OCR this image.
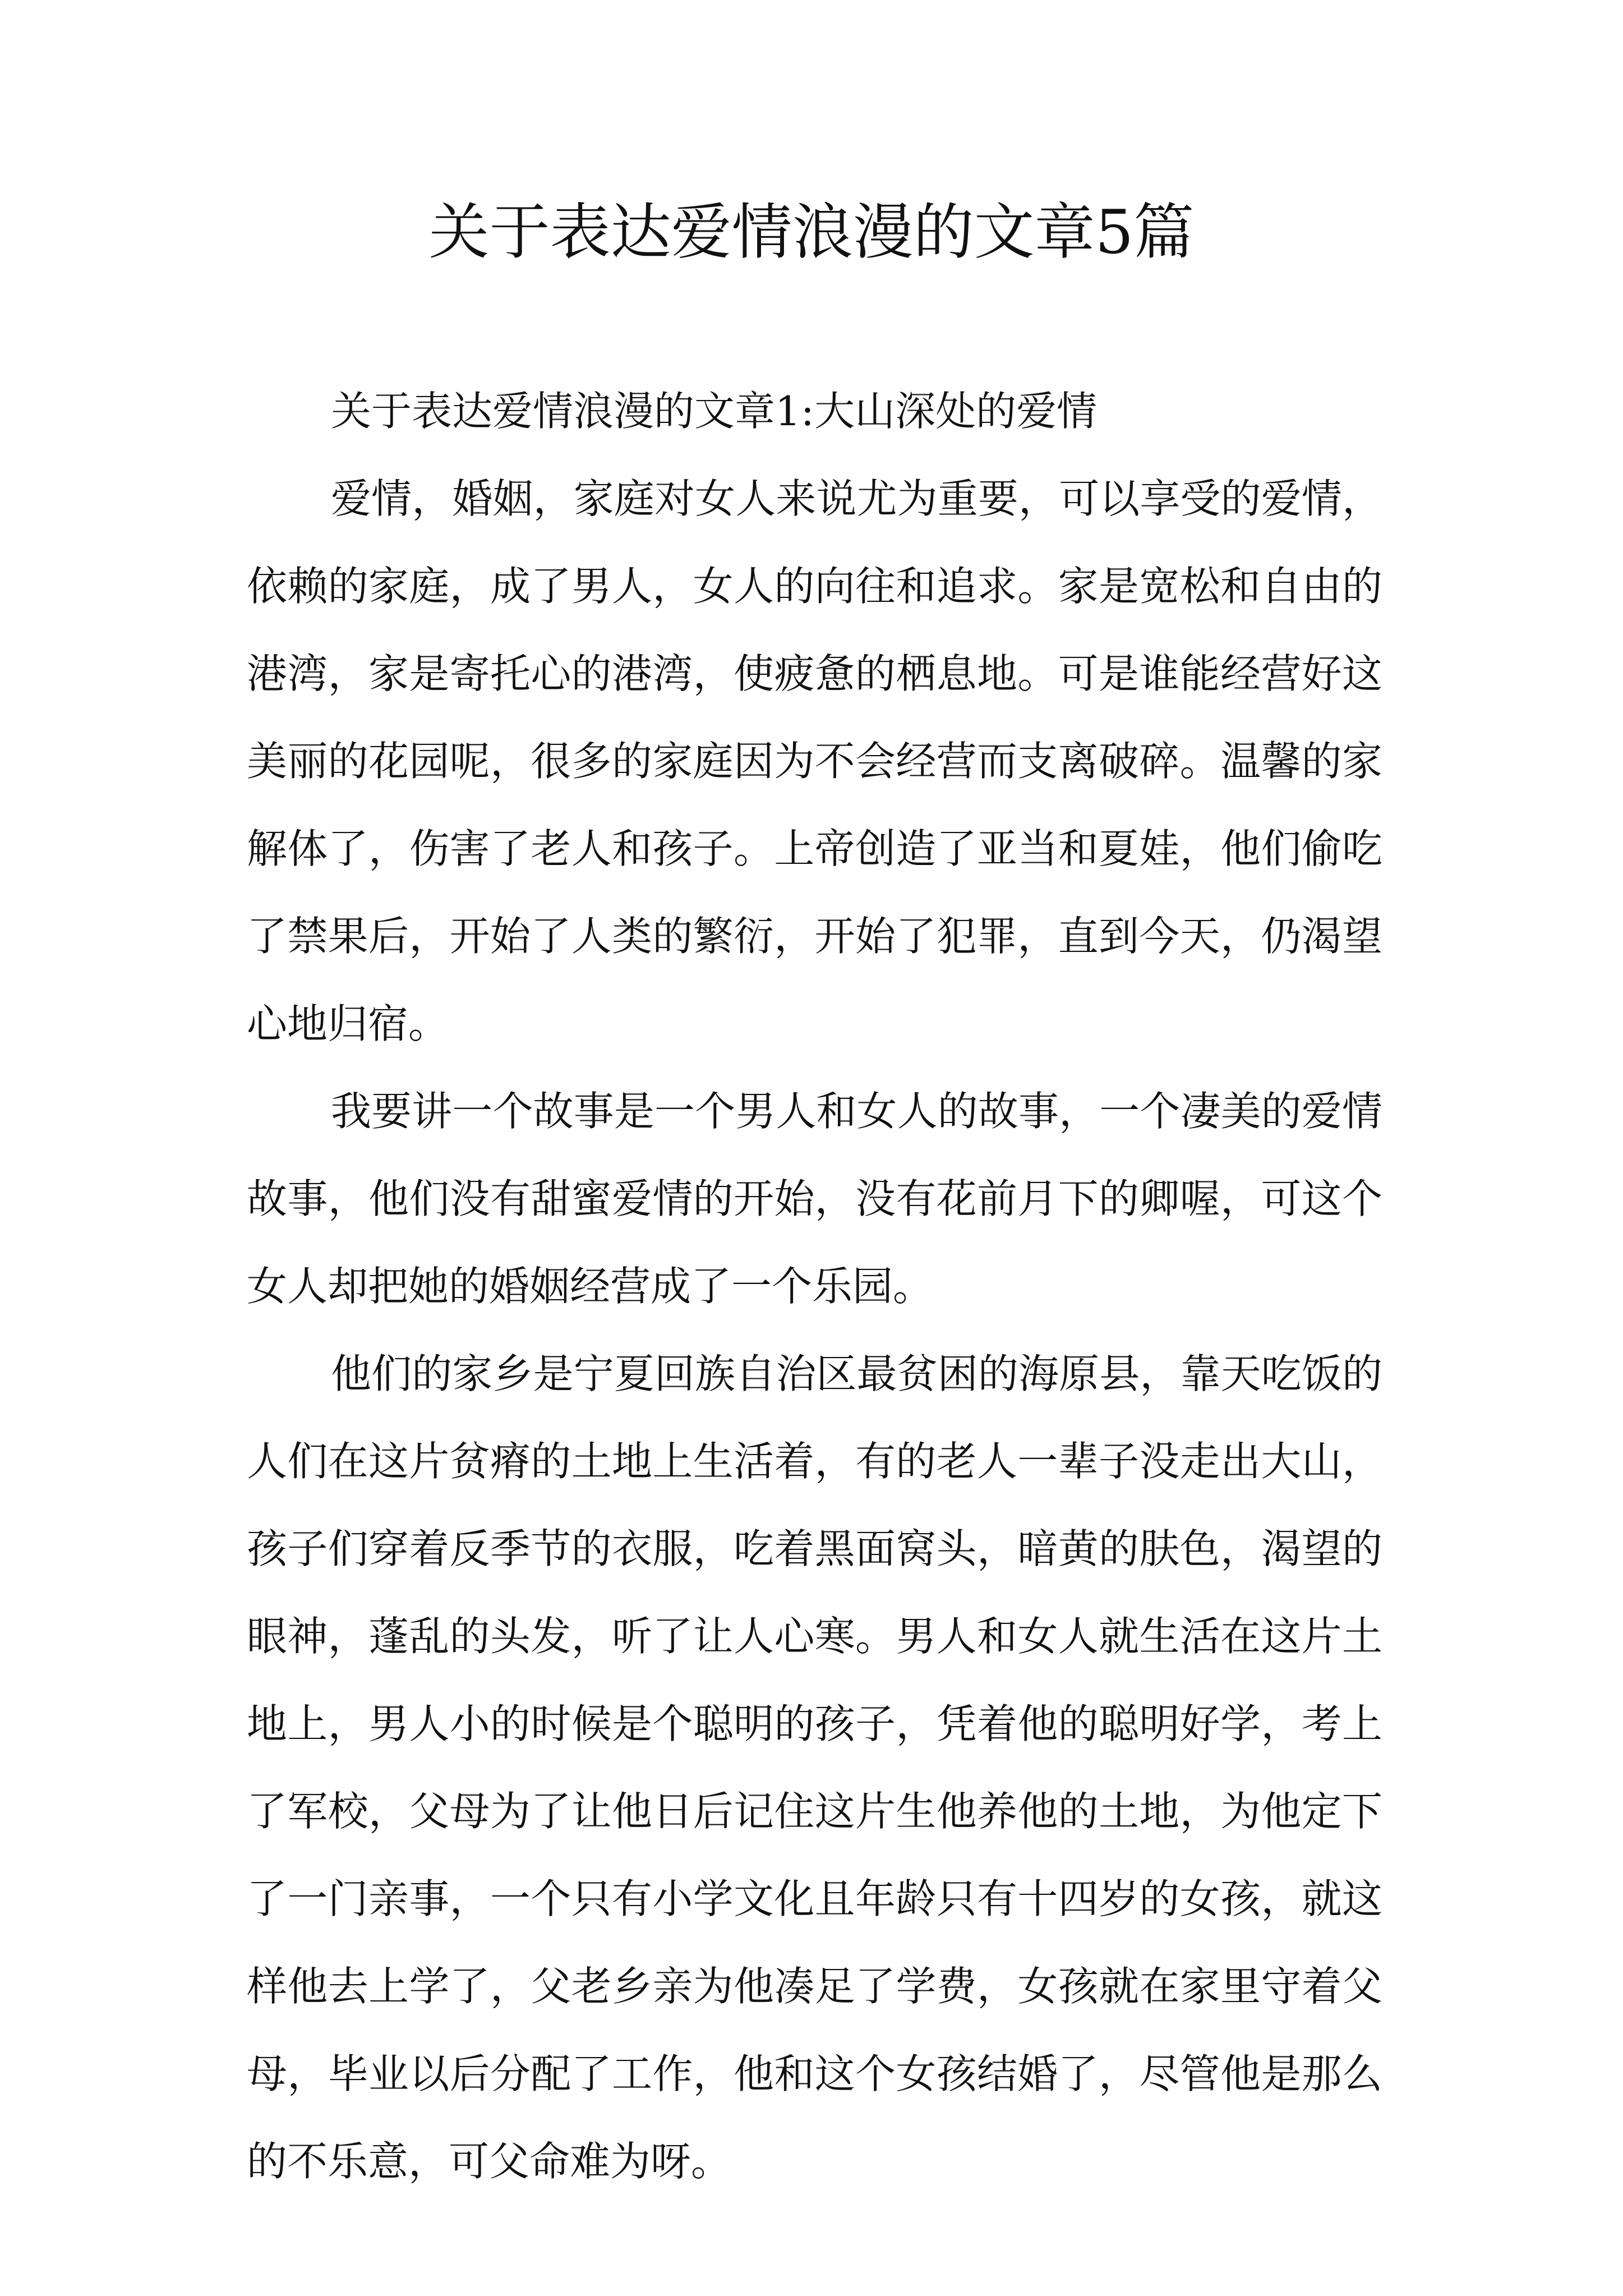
关于表达爱情浪漫的文章5篇

关于表达爱情浪漫的文章1:大山深处的爱情

爱情，婚姻，家庭对女人来说尤为重要，可以享受的爱情，依赖的家庭，成了男人，女人的向往和追求。家是宽松和自由的港湾，家是寄托心的港湾，使疲惫的栖息地。可是谁能经营好这美丽的花园呢，很多的家庭因为不会经营而支离破碎。温馨的家解体了，伤害了老人和孩子。上帝创造了亚当和夏娃，他们偷吃了禁果后，开始了人类的繁衍，开始了犯罪，直到今天，仍渴望心地归宿。

我要讲一个故事是一个男人和女人的故事，一个凄美的爱情故事，他们没有甜蜜爱情的开始，没有花前月下的卿喔，可这个女人却把她的婚姻经营成了一个乐园。

他们的家乡是宁夏回族自治区最贫困的海原县，靠天吃饭的人们在这片贫瘠的土地上生活着，有的老人一辈子没走出大山，孩子们穿着反季节的衣服，吃着黑面窝头，暗黄的肤色，渴望的眼神，蓬乱的头发，听了让人心寒。男人和女人就生活在这片土地上，男人小的时候是个聪明的孩子，凭着他的聪明好学，考上了军校，父母为了让他日后记住这片生他养他的土地，为他定下了一门亲事，一个只有小学文化且年龄只有十四岁的女孩，就这样他去上学了，父老乡亲为他凑足了学费，女孩就在家里守着父母，毕业以后分配了工作，他和这个女孩结婚了，尽管他是那么的不乐意，可父命难为呀。
